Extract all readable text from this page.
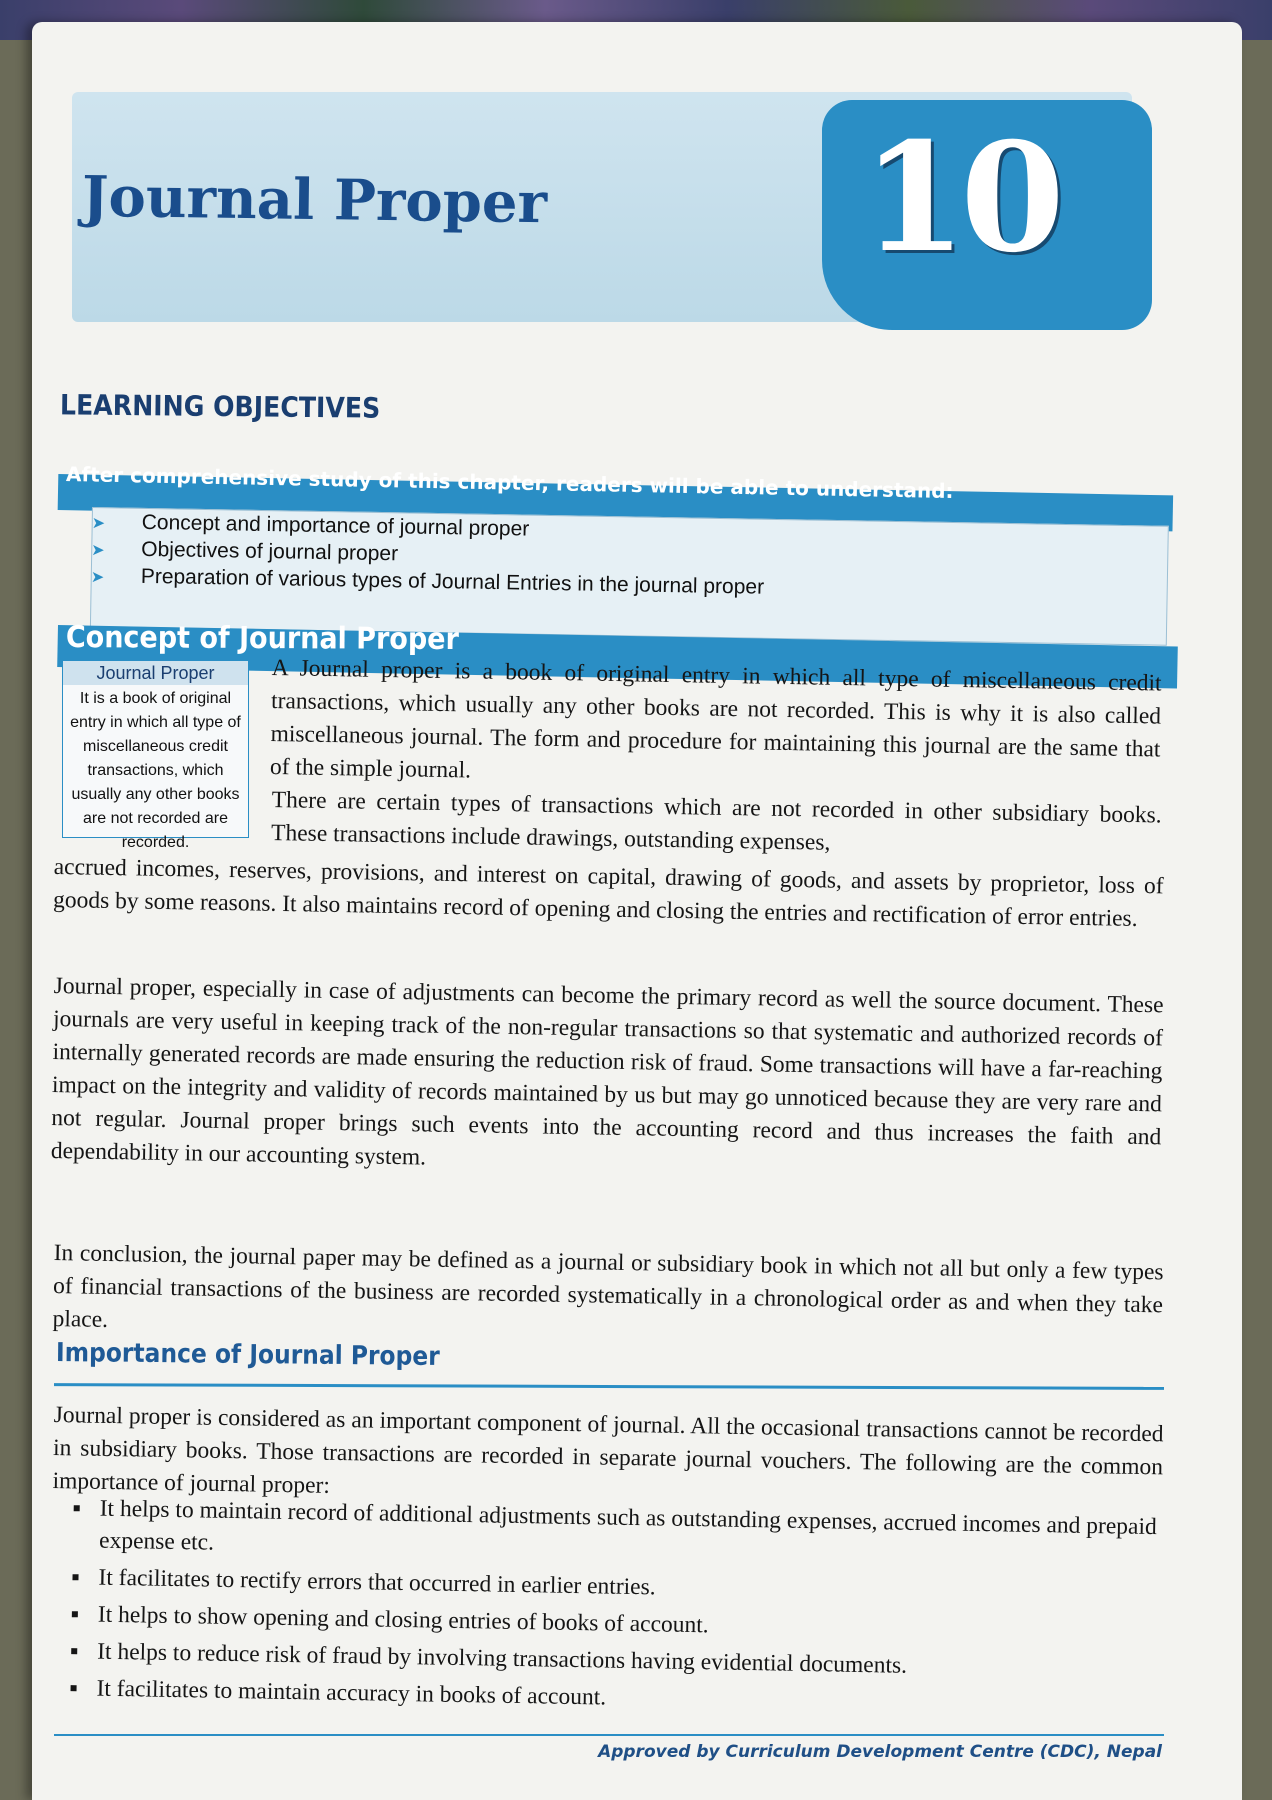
Journal Proper 10

LEARNING OBJECTIVES

After comprehensive study of this chapter, readers will be able to understand:

➤ Concept and importance of journal proper
➤ Objectives of journal proper
➤ Preparation of various types of Journal Entries in the journal proper
Concept of Journal Proper
Journal Proper
It is a book of original entry in which all type of miscellaneous credit transactions, which usually any other books are not recorded are recorded.

A Journal proper is a book of original entry in which all type of miscellaneous credit transactions, which usually any other books are not recorded. This is why it is also called miscellaneous journal. The form and procedure for maintaining this journal are the same that of the simple journal.

There are certain types of transactions which are not recorded in other subsidiary books. These transactions include drawings, outstanding expenses,

accrued incomes, reserves, provisions, and interest on capital, drawing of goods, and assets by proprietor, loss of goods by some reasons. It also maintains record of opening and closing the entries and rectification of error entries.

Journal proper, especially in case of adjustments can become the primary record as well the source document. These journals are very useful in keeping track of the non-regular transactions so that systematic and authorized records of internally generated records are made ensuring the reduction risk of fraud. Some transactions will have a far-reaching impact on the integrity and validity of records maintained by us but may go unnoticed because they are very rare and not regular. Journal proper brings such events into the accounting record and thus increases the faith and dependability in our accounting system.

In conclusion, the journal paper may be defined as a journal or subsidiary book in which not all but only a few types of financial transactions of the business are recorded systematically in a chronological order as and when they take place.

Importance of Journal Proper

Journal proper is considered as an important component of journal. All the occasional transactions cannot be recorded in subsidiary books. Those transactions are recorded in separate journal vouchers. The following are the common importance of journal proper:

It helps to maintain record of additional adjustments such as outstanding expenses, accrued incomes and prepaid expense etc.
It facilitates to rectify errors that occurred in earlier entries.
It helps to show opening and closing entries of books of account.
It helps to reduce risk of fraud by involving transactions having evidential documents.
It facilitates to maintain accuracy in books of account.

Approved by Curriculum Development Centre (CDC), Nepal
